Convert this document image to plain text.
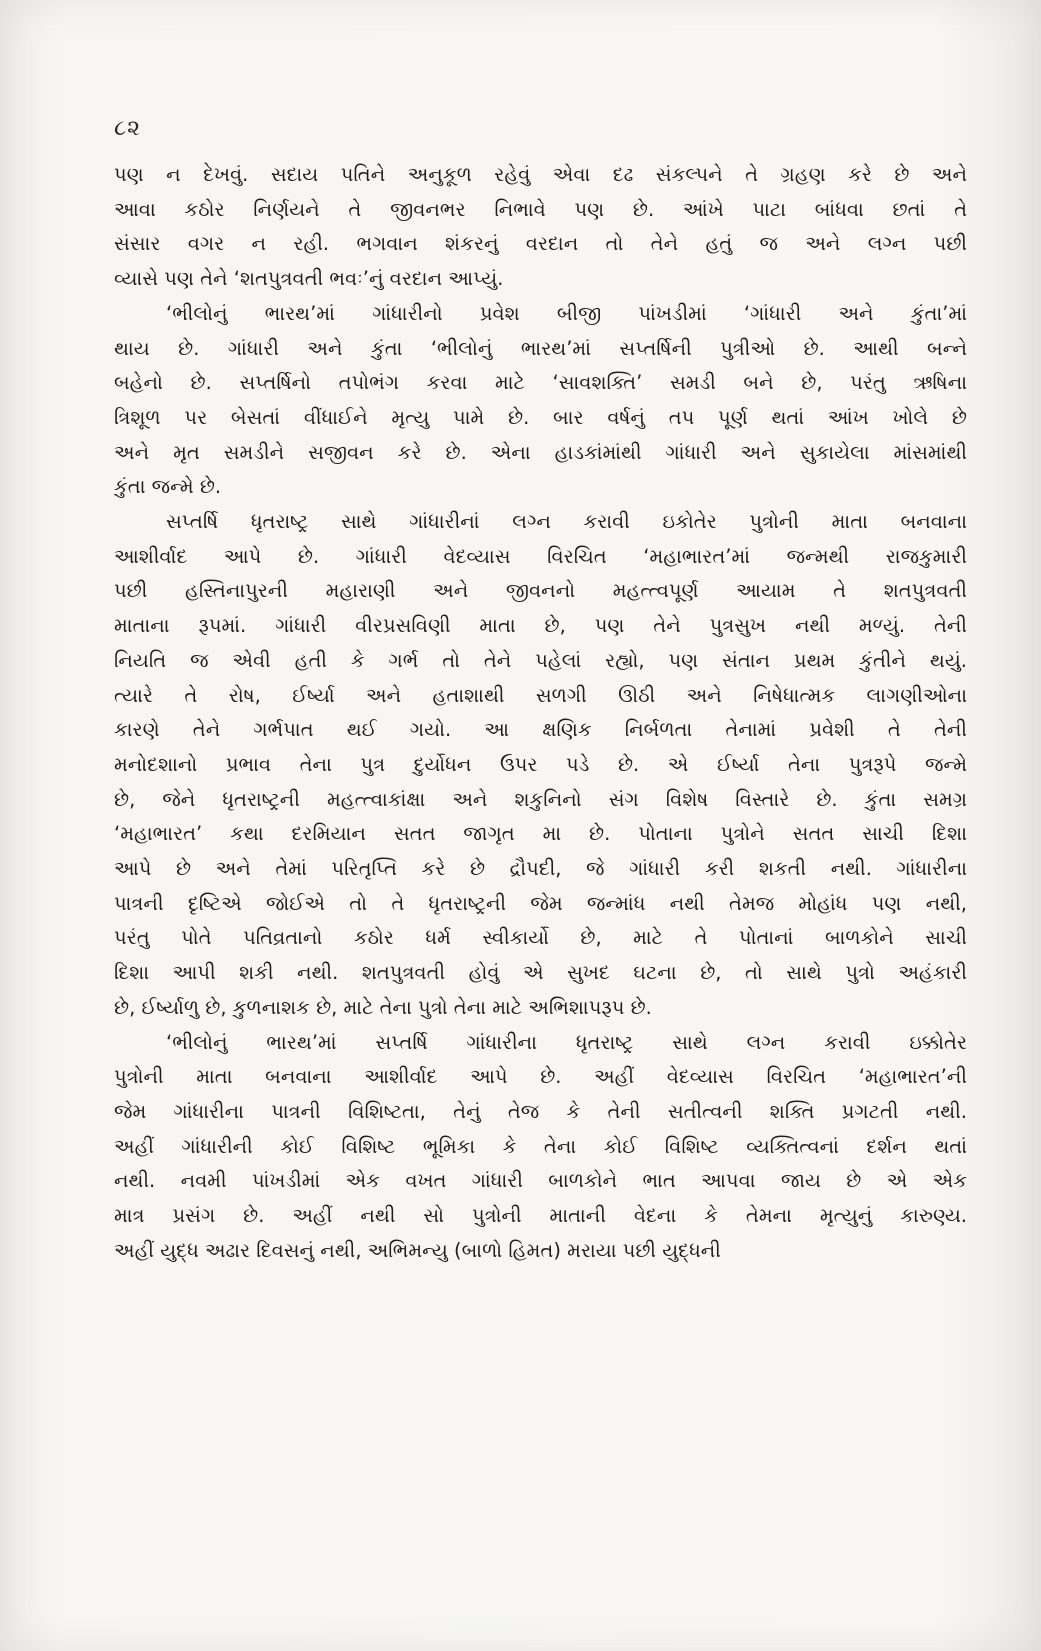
૮૨
પણ ન દેખવું. સદાય પતિને અનુકૂળ રહેવું એવા દઢ સંકલ્પને તે ગ્રહણ કરે છે અને
આવા કઠોર નિર્ણયને તે જીવનભર નિભાવે પણ છે. આંખે પાટા બાંધવા છતાં તે
સંસાર વગર ન રહી. ભગવાન શંકરનું વરદાન તો તેને હતું જ અને લગ્ન પછી
વ્યાસે પણ તેને ‘શતપુત્રવતી ભવઃ’નું વરદાન આપ્યું.
‘ભીલોનું ભારથ’માં ગાંધારીનો પ્રવેશ બીજી પાંખડીમાં ‘ગાંધારી અને કુંતા’માં
થાય છે. ગાંધારી અને કુંતા ‘ભીલોનું ભારથ’માં સપ્તર્ષિની પુત્રીઓ છે. આથી બન્ને
બહેનો છે. સપ્તર્ષિનો તપોભંગ કરવા માટે ‘સાવશક્તિ’ સમડી બને છે, પરંતુ ઋષિના
ત્રિશૂળ પર બેસતાં વીંધાઈને મૃત્યુ પામે છે. બાર વર્ષનું તપ પૂર્ણ થતાં આંખ ખોલે છે
અને મૃત સમડીને સજીવન કરે છે. એના હાડકાંમાંથી ગાંધારી અને સુકાયેલા માંસમાંથી
કુંતા જન્મે છે.
સપ્તર્ષિ ધૃતરાષ્ટ્ર સાથે ગાંધારીનાં લગ્ન કરાવી ઇકોતેર પુત્રોની માતા બનવાના
આશીર્વાદ આપે છે. ગાંધારી વેદવ્યાસ વિરચિત ‘મહાભારત’માં જન્મથી રાજકુમારી
પછી હસ્તિનાપુરની મહારાણી અને જીવનનો મહત્ત્વપૂર્ણ આયામ તે શતપુત્રવતી
માતાના રૂપમાં. ગાંધારી વીરપ્રસવિણી માતા છે, પણ તેને પુત્રસુખ નથી મળ્યું. તેની
નિયતિ જ એવી હતી કે ગર્ભ તો તેને પહેલાં રહ્યો, પણ સંતાન પ્રથમ કુંતીને થયું.
ત્યારે તે રોષ, ઈર્ષ્યા અને હતાશાથી સળગી ઊઠી અને નિષેધાત્મક લાગણીઓના
કારણે તેને ગર્ભપાત થઈ ગયો. આ ક્ષણિક નિર્બળતા તેનામાં પ્રવેશી તે તેની
મનોદશાનો પ્રભાવ તેના પુત્ર દુર્યોધન ઉપર પડે છે. એ ઈર્ષ્યા તેના પુત્રરૂપે જન્મે
છે, જેને ધૃતરાષ્ટ્રની મહત્ત્વાકાંક્ષા અને શકુનિનો સંગ વિશેષ વિસ્તારે છે. કુંતા સમગ્ર
‘મહાભારત’ કથા દરમિયાન સતત જાગૃત મા છે. પોતાના પુત્રોને સતત સાચી દિશા
આપે છે અને તેમાં પરિતૃપ્તિ કરે છે દ્રૌપદી, જે ગાંધારી કરી શકતી નથી. ગાંધારીના
પાત્રની દૃષ્ટિએ જોઈએ તો તે ધૃતરાષ્ટ્રની જેમ જન્માંધ નથી તેમજ મોહાંધ પણ નથી,
પરંતુ પોતે પતિવ્રતાનો કઠોર ધર્મ સ્વીકાર્યો છે, માટે તે પોતાનાં બાળકોને સાચી
દિશા આપી શકી નથી. શતપુત્રવતી હોવું એ સુખદ ઘટના છે, તો સાથે પુત્રો અહંકારી
છે, ઈર્ષ્યાળુ છે, કુળનાશક છે, માટે તેના પુત્રો તેના માટે અભિશાપરૂપ છે.
‘ભીલોનું ભારથ’માં સપ્તર્ષિ ગાંધારીના ધૃતરાષ્ટ્ર સાથે લગ્ન કરાવી ઇક્કોતેર
પુત્રોની માતા બનવાના આશીર્વાદ આપે છે. અહીં વેદવ્યાસ વિરચિત ‘મહાભારત’ની
જેમ ગાંધારીના પાત્રની વિશિષ્ટતા, તેનું તેજ કે તેની સતીત્વની શક્તિ પ્રગટતી નથી.
અહીં ગાંધારીની કોઈ વિશિષ્ટ ભૂમિકા કે તેના કોઈ વિશિષ્ટ વ્યક્તિત્વનાં દર્શન થતાં
નથી. નવમી પાંખડીમાં એક વખત ગાંધારી બાળકોને ભાત આપવા જાય છે એ એક
માત્ર પ્રસંગ છે. અહીં નથી સો પુત્રોની માતાની વેદના કે તેમના મૃત્યુનું કારુણ્ય.
અહીં યુદ્ધ અઢાર દિવસનું નથી, અભિમન્યુ (બાળો હિમત) મરાયા પછી યુદ્ધની
